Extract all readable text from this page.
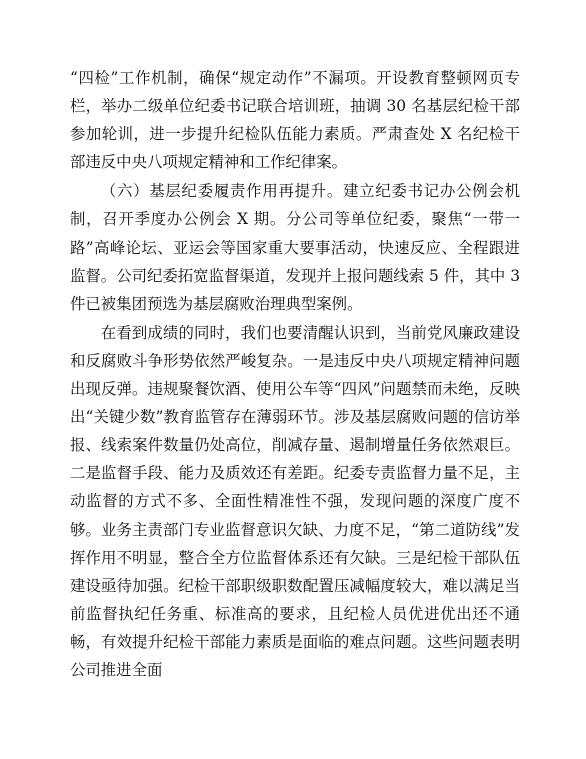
“四检”工作机制，确保“规定动作”不漏项。开设教育整顿网页专栏，举办二级单位纪委书记联合培训班，抽调 30 名基层纪检干部参加轮训，进一步提升纪检队伍能力素质。严肃查处 X 名纪检干部违反中央八项规定精神和工作纪律案。

（六）基层纪委履责作用再提升。建立纪委书记办公例会机制，召开季度办公例会 X 期。分公司等单位纪委，聚焦“一带一路”高峰论坛、亚运会等国家重大要事活动，快速反应、全程跟进监督。公司纪委拓宽监督渠道，发现并上报问题线索 5 件，其中 3 件已被集团预选为基层腐败治理典型案例。

在看到成绩的同时，我们也要清醒认识到，当前党风廉政建设和反腐败斗争形势依然严峻复杂。一是违反中央八项规定精神问题出现反弹。违规聚餐饮酒、使用公车等“四风”问题禁而未绝，反映出“关键少数”教育监管存在薄弱环节。涉及基层腐败问题的信访举报、线索案件数量仍处高位，削减存量、遏制增量任务依然艰巨。二是监督手段、能力及质效还有差距。纪委专责监督力量不足，主动监督的方式不多、全面性精准性不强，发现问题的深度广度不够。业务主责部门专业监督意识欠缺、力度不足，“第二道防线”发挥作用不明显，整合全方位监督体系还有欠缺。三是纪检干部队伍建设亟待加强。纪检干部职级职数配置压减幅度较大，难以满足当前监督执纪任务重、标准高的要求，且纪检人员优进优出还不通畅，有效提升纪检干部能力素质是面临的难点问题。这些问题表明公司推进全面
